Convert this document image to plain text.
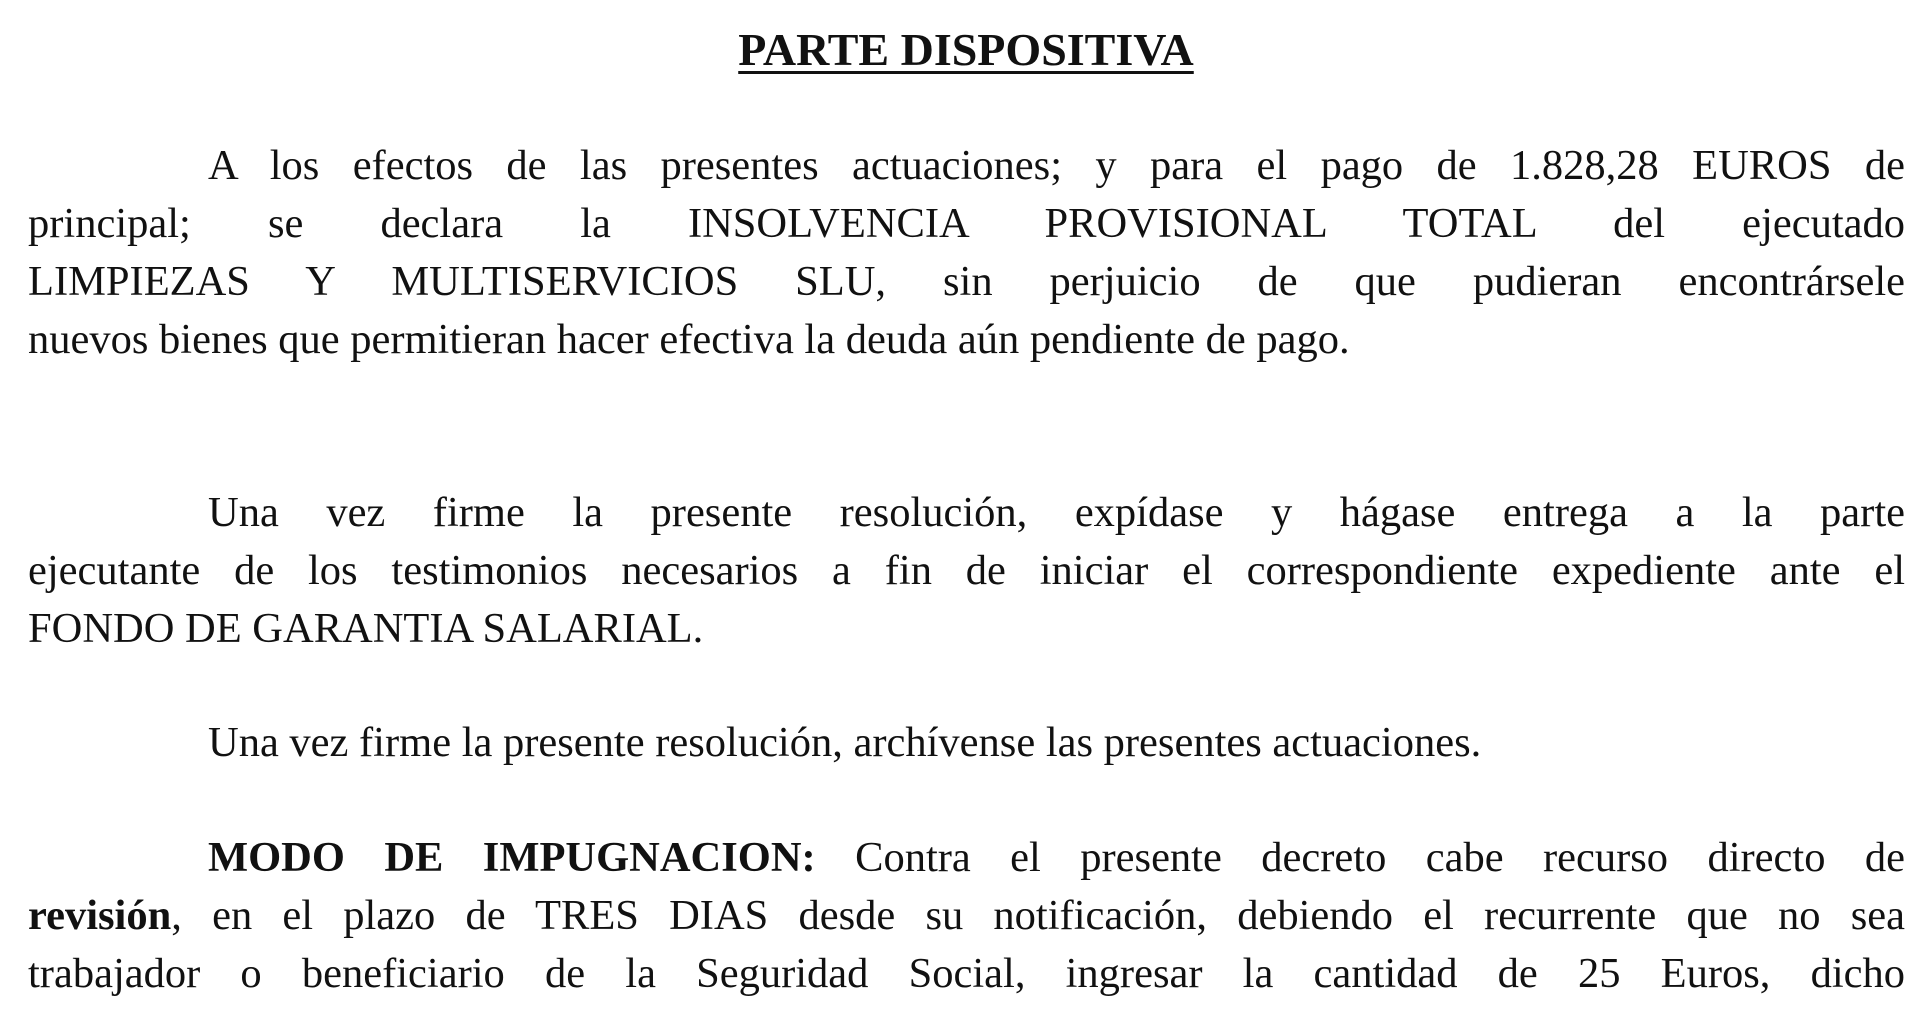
PARTE DISPOSITIVA
A los efectos de las presentes actuaciones; y para el pago de 1.828,28 EUROS de
principal; se declara la INSOLVENCIA PROVISIONAL TOTAL del ejecutado
LIMPIEZAS Y MULTISERVICIOS SLU, sin perjuicio de que pudieran encontrársele
nuevos bienes que permitieran hacer efectiva la deuda aún pendiente de pago.
Una vez firme la presente resolución, expídase y hágase entrega a la parte
ejecutante de los testimonios necesarios a fin de iniciar el correspondiente expediente ante el
FONDO DE GARANTIA SALARIAL.
Una vez firme la presente resolución, archívense las presentes actuaciones.
MODO DE IMPUGNACION: Contra el presente decreto cabe recurso directo de
revisión, en el plazo de TRES DIAS desde su notificación, debiendo el recurrente que no sea
trabajador o beneficiario de la Seguridad Social, ingresar la cantidad de 25 Euros, dicho
